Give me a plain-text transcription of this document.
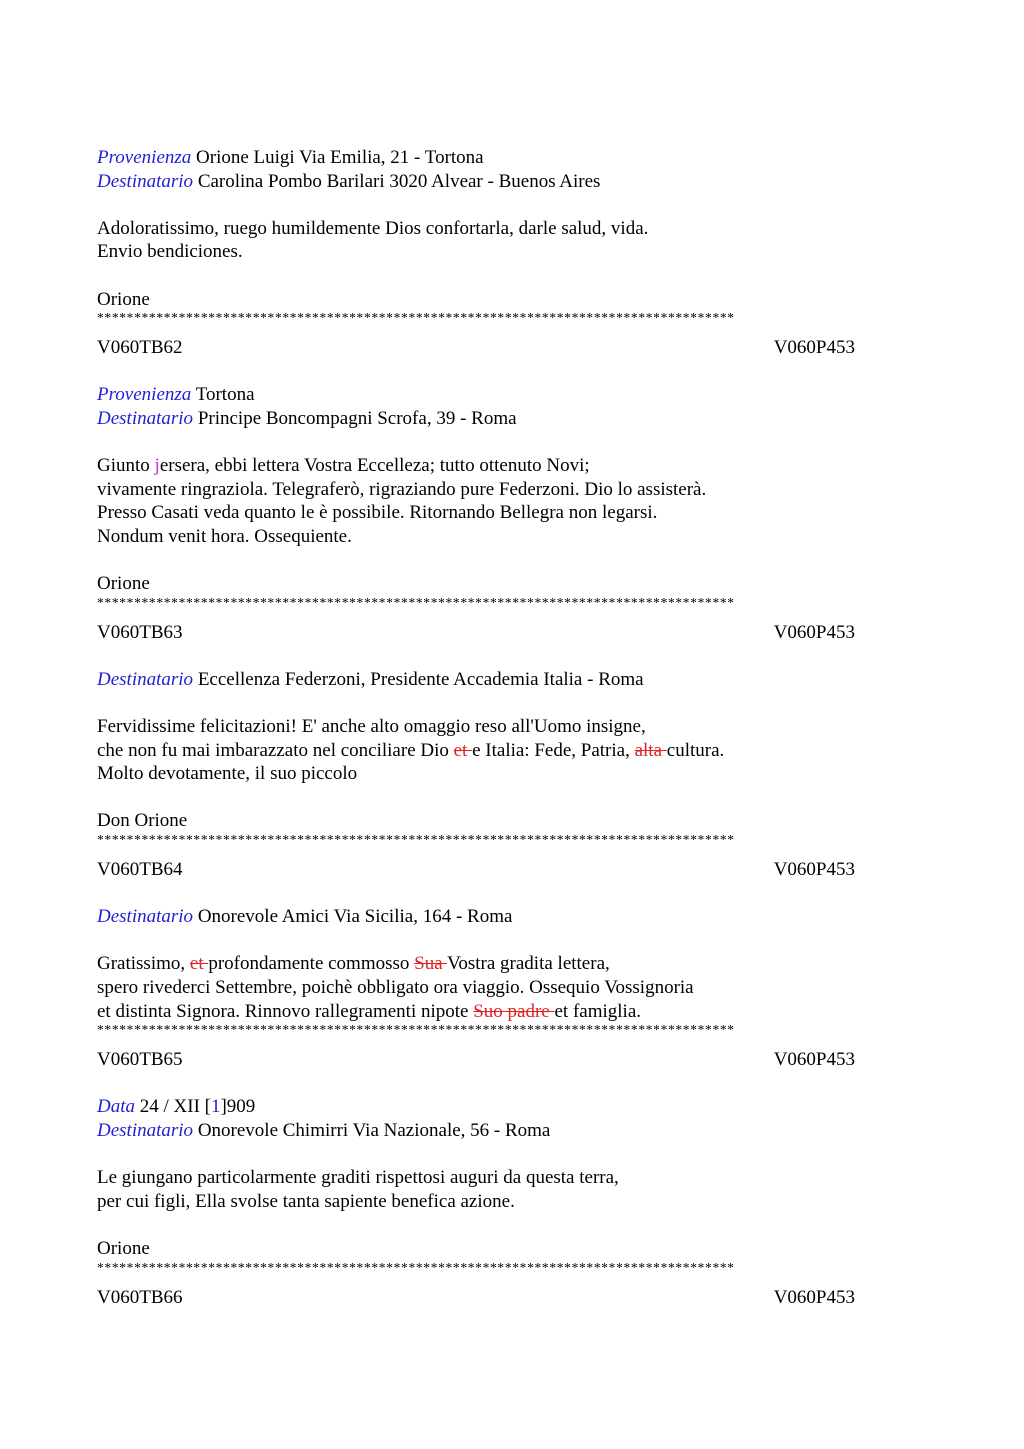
Provenienza Orione Luigi Via Emilia, 21 - Tortona
Destinatario Carolina Pombo Barilari 3020 Alvear - Buenos Aires
Adoloratissimo, ruego humildemente Dios confortarla, darle salud, vida.
Envio bendiciones.
Orione
**************************************************************************************
V060TB62	V060P453
Provenienza Tortona
Destinatario Principe Boncompagni Scrofa, 39 - Roma
Giunto jersera, ebbi lettera Vostra Eccelleza; tutto ottenuto Novi;
vivamente ringraziola. Telegraferò, rigraziando pure Federzoni. Dio lo assisterà.
Presso Casati veda quanto le è possibile. Ritornando Bellegra non legarsi.
Nondum venit hora. Ossequiente.
Orione
**************************************************************************************
V060TB63	V060P453
Destinatario Eccellenza Federzoni, Presidente Accademia Italia - Roma
Fervidissime felicitazioni! E' anche alto omaggio reso all'Uomo insigne,
che non fu mai imbarazzato nel conciliare Dio et e Italia: Fede, Patria, alta cultura.
Molto devotamente, il suo piccolo
Don Orione
**************************************************************************************
V060TB64	V060P453
Destinatario Onorevole Amici Via Sicilia, 164 - Roma
Gratissimo, et profondamente commosso Sua Vostra gradita lettera,
spero rivederci Settembre, poichè obbligato ora viaggio. Ossequio Vossignoria
et distinta Signora. Rinnovo rallegramenti nipote Suo padre et famiglia.
**************************************************************************************
V060TB65	V060P453
Data 24 / XII [1]909
Destinatario Onorevole Chimirri Via Nazionale, 56 - Roma
Le giungano particolarmente graditi rispettosi auguri da questa terra,
per cui figli, Ella svolse tanta sapiente benefica azione.
Orione
**************************************************************************************
V060TB66	V060P453
